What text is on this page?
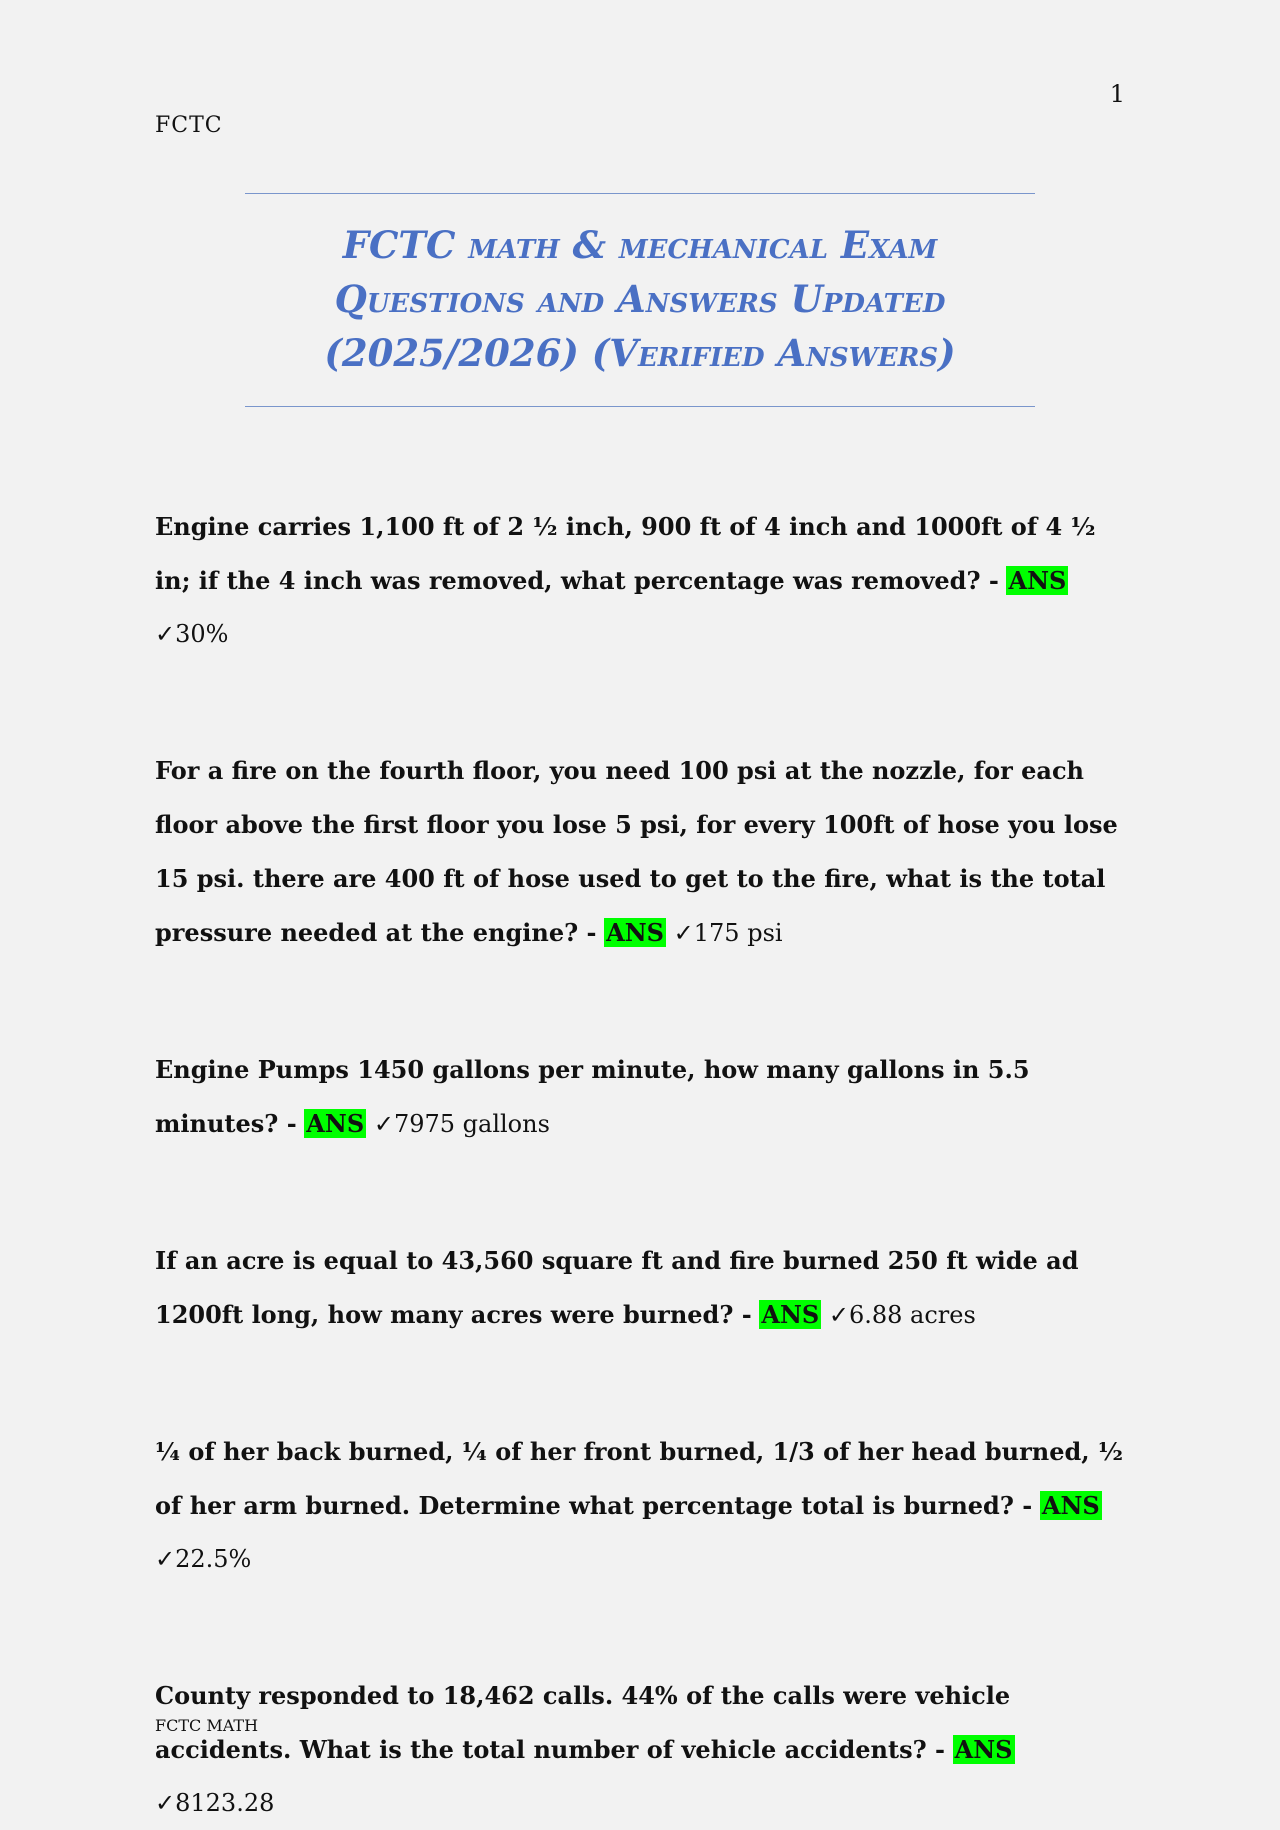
1
FCTC
FCTC math & mechanical Exam Questions and Answers Updated (2025/2026) (Verified Answers)

Engine carries 1,100 ft of 2 ½ inch, 900 ft of 4 inch and 1000ft of 4 ½ in; if the 4 inch was removed, what percentage was removed? - ANS ✓30%

For a fire on the fourth floor, you need 100 psi at the nozzle, for each floor above the first floor you lose 5 psi, for every 100ft of hose you lose 15 psi. there are 400 ft of hose used to get to the fire, what is the total pressure needed at the engine? - ANS ✓175 psi

Engine Pumps 1450 gallons per minute, how many gallons in 5.5 minutes? - ANS ✓7975 gallons

If an acre is equal to 43,560 square ft and fire burned 250 ft wide ad 1200ft long, how many acres were burned? - ANS ✓6.88 acres

¼ of her back burned, ¼ of her front burned, 1/3 of her head burned, ½ of her arm burned. Determine what percentage total is burned? - ANS ✓22.5%

County responded to 18,462 calls. 44% of the calls were vehicle accidents. What is the total number of vehicle accidents? - ANS ✓8123.28

FCTC MATH
